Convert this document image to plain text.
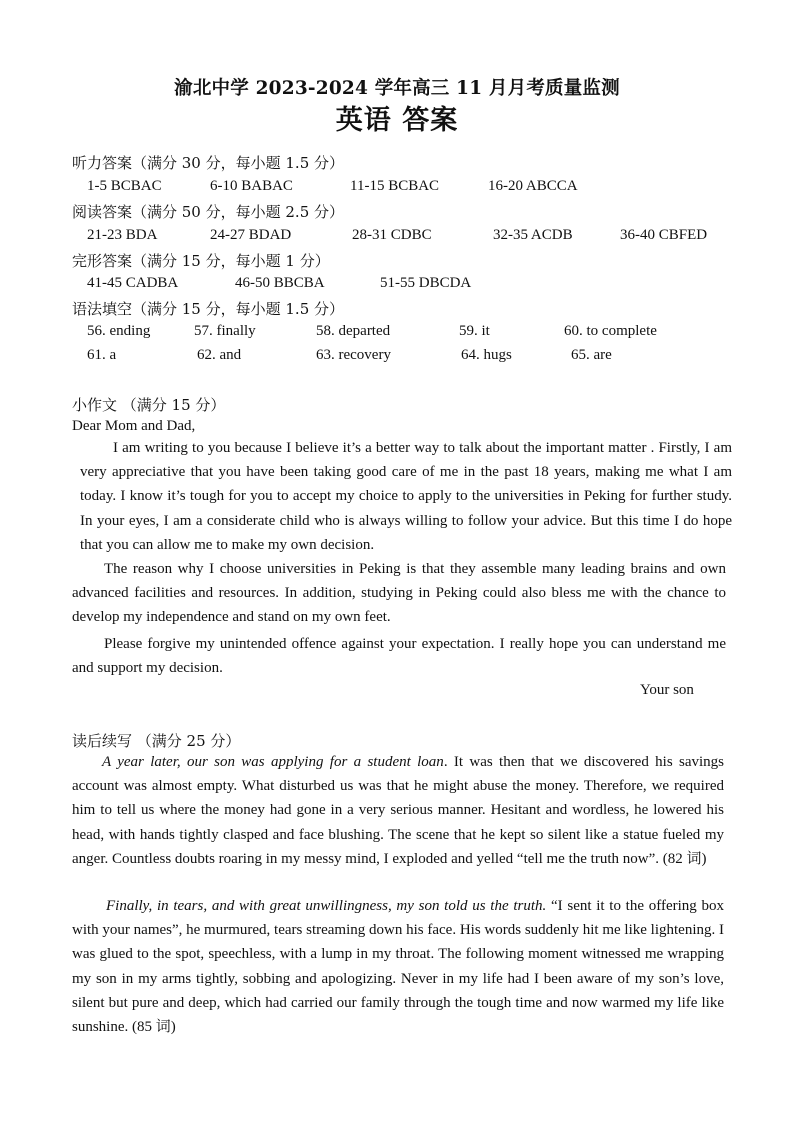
渝北中学 2023-2024 学年高三 11 月月考质量监测
英语 答案
听力答案（满分 30 分，每小题 1.5 分）
1-5 BCBAC	6-10 BABAC	11-15 BCBAC	16-20 ABCCA
阅读答案（满分 50 分，每小题 2.5 分）
21-23 BDA	24-27 BDAD	28-31 CDBC	32-35 ACDB	36-40 CBFED
完形答案（满分 15 分，每小题 1 分）
41-45 CADBA	46-50 BBCBA	51-55 DBCDA
语法填空（满分 15 分，每小题 1.5 分）
56. ending	57. finally	58. departed	59. it	60. to complete
61. a	62. and	63. recovery	64. hugs	65. are
小作文 （满分 15 分）
Dear Mom and Dad,

I am writing to you because I believe it’s a better way to talk about the important matter . Firstly, I am very appreciative that you have been taking good care of me in the past 18 years, making me what I am today. I know it’s tough for you to accept my choice to apply to the universities in Peking for further study. In your eyes, I am a considerate child who is always willing to follow your advice. But this time I do hope that you can allow me to make my own decision.

The reason why I choose universities in Peking is that they assemble many leading brains and own advanced facilities and resources. In addition, studying in Peking could also bless me with the chance to develop my independence and stand on my own feet.

Please forgive my unintended offence against your expectation. I really hope you can understand me and support my decision.

Your son
读后续写 （满分 25 分）

A year later, our son was applying for a student loan. It was then that we discovered his savings account was almost empty. What disturbed us was that he might abuse the money. Therefore, we required him to tell us where the money had gone in a very serious manner. Hesitant and wordless, he lowered his head, with hands tightly clasped and face blushing. The scene that he kept so silent like a statue fueled my anger. Countless doubts roaring in my messy mind, I exploded and yelled “tell me the truth now”. (82 词)

Finally, in tears, and with great unwillingness, my son told us the truth. “I sent it to the offering box with your names”, he murmured, tears streaming down his face. His words suddenly hit me like lightening. I was glued to the spot, speechless, with a lump in my throat. The following moment witnessed me wrapping my son in my arms tightly, sobbing and apologizing. Never in my life had I been aware of my son’s love, silent but pure and deep, which had carried our family through the tough time and now warmed my life like sunshine. (85 词)
